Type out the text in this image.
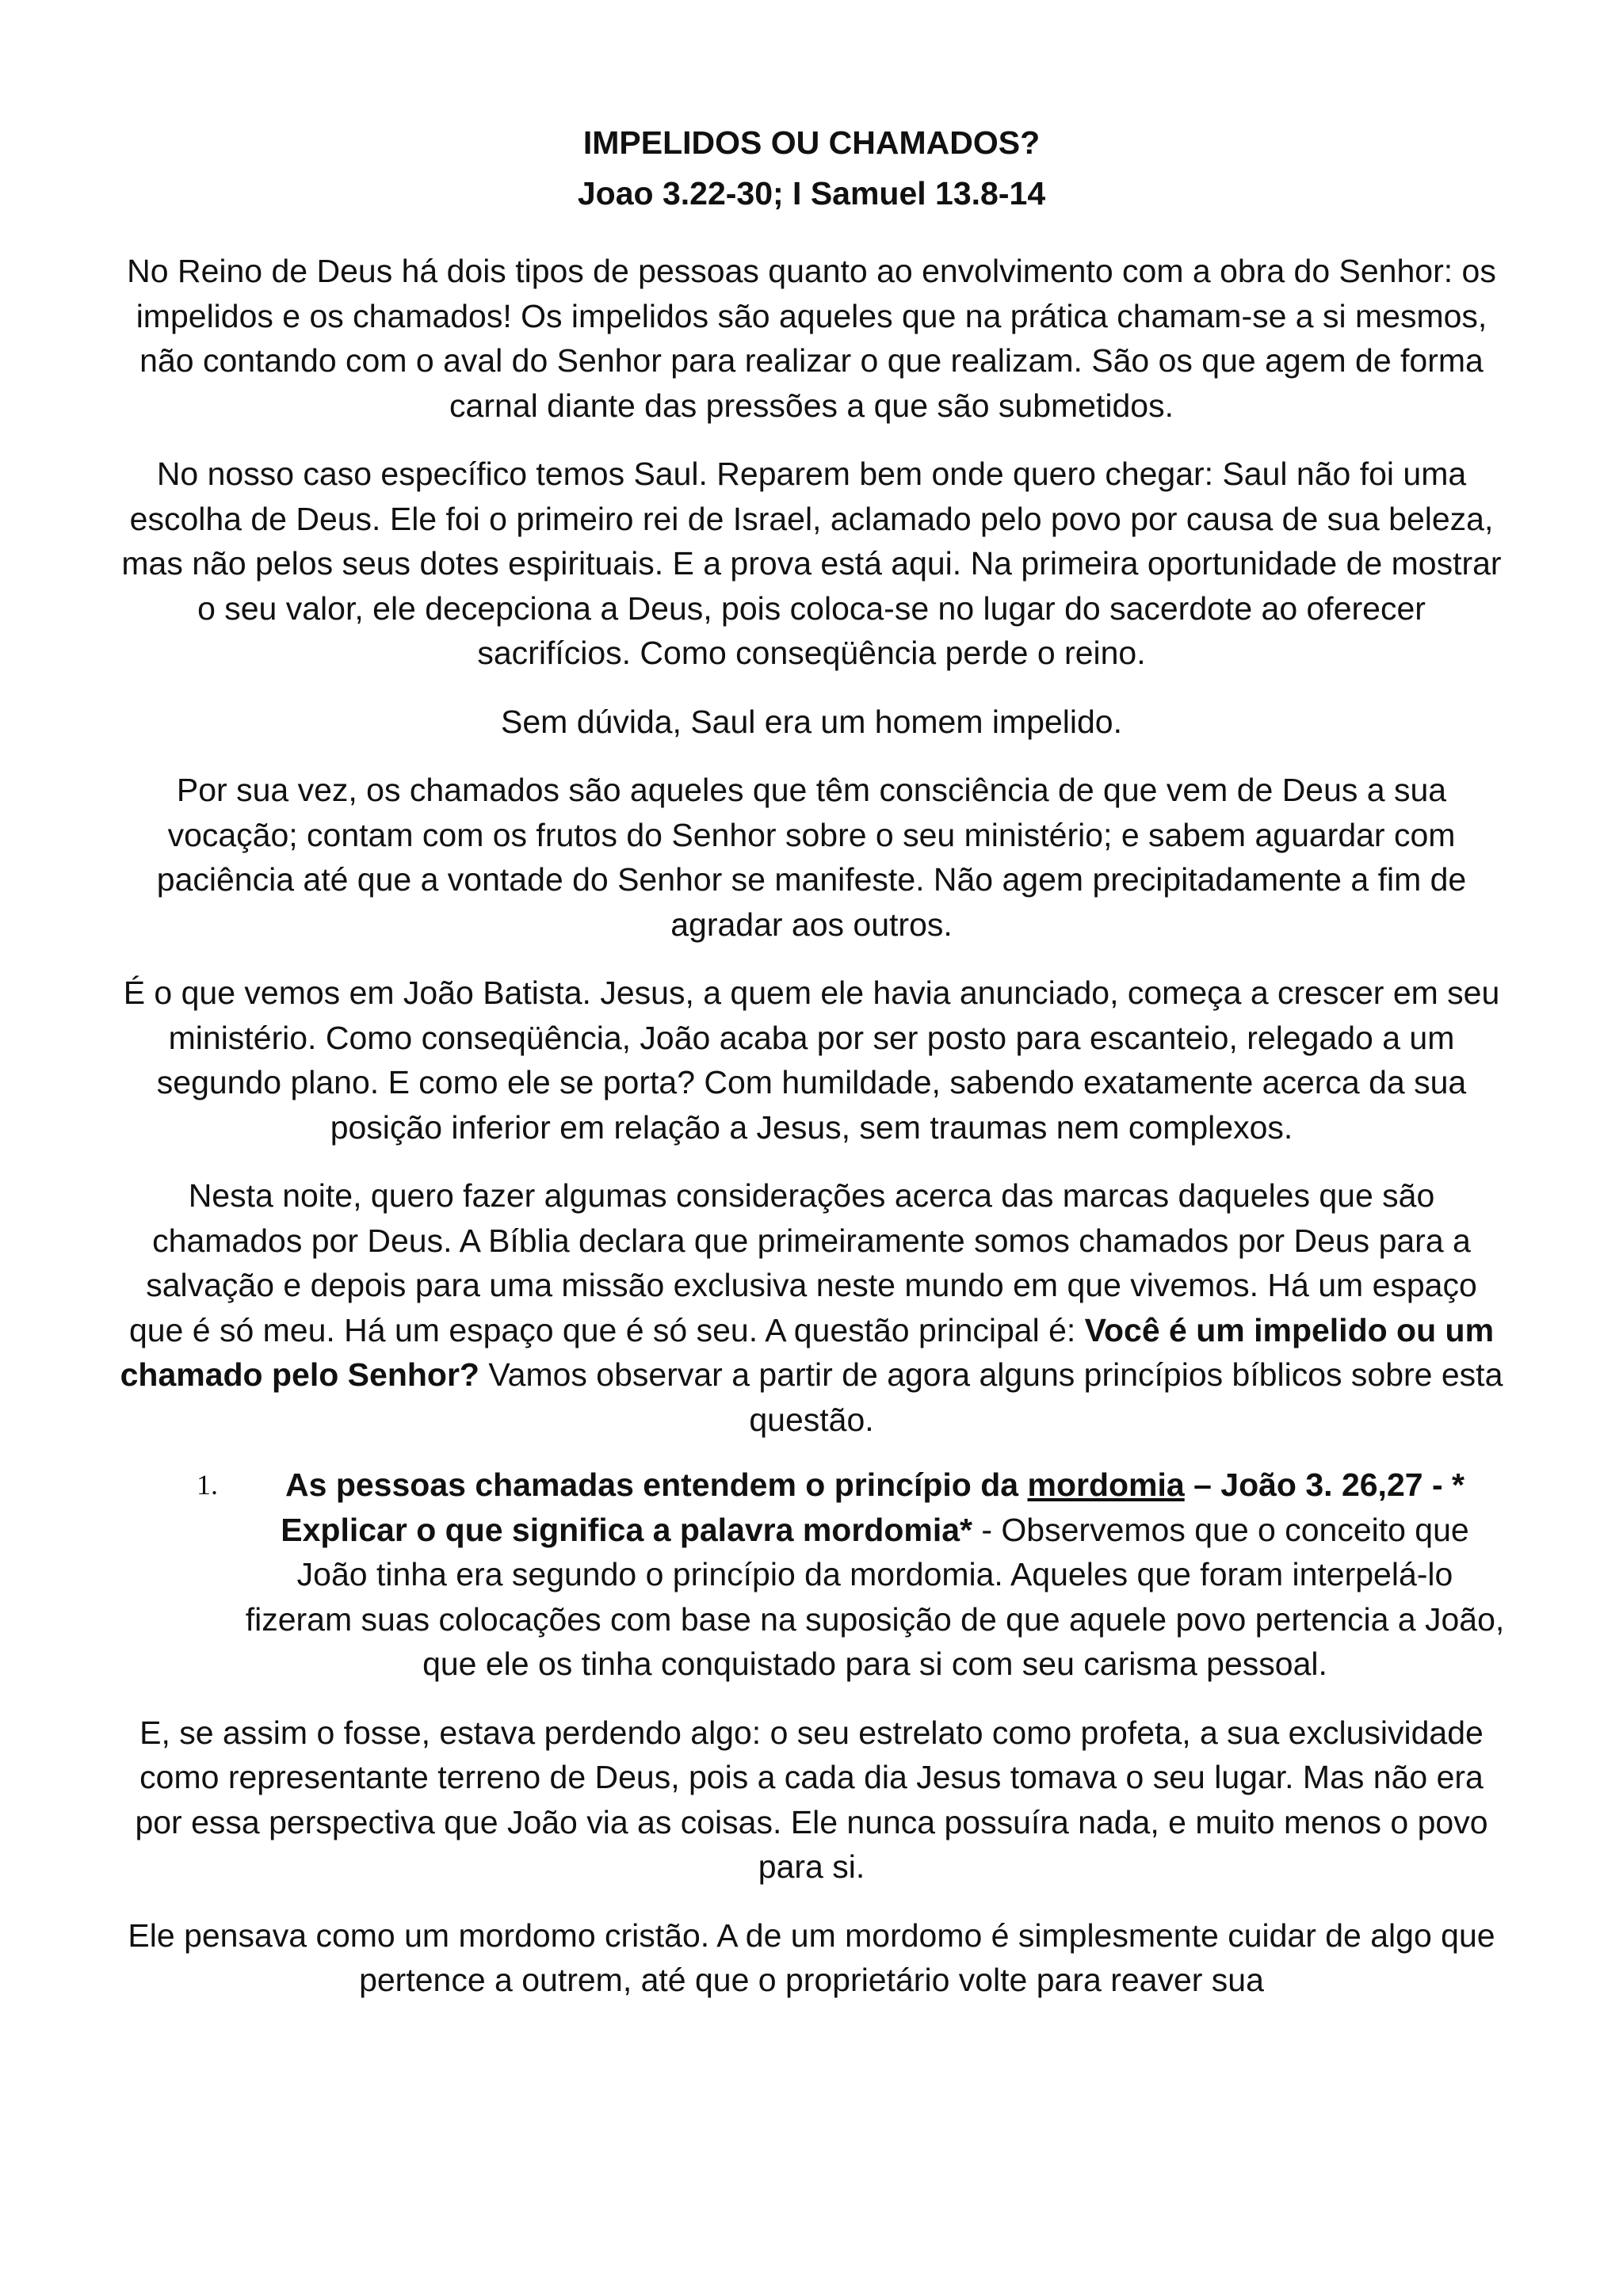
IMPELIDOS OU CHAMADOS?
Joao 3.22-30; I Samuel 13.8-14

No Reino de Deus há dois tipos de pessoas quanto ao envolvimento com a obra do Senhor: os impelidos e os chamados! Os impelidos são aqueles que na prática chamam-se a si mesmos, não contando com o aval do Senhor para realizar o que realizam. São os que agem de forma carnal diante das pressões a que são submetidos.

No nosso caso específico temos Saul. Reparem bem onde quero chegar: Saul não foi uma escolha de Deus. Ele foi o primeiro rei de Israel, aclamado pelo povo por causa de sua beleza, mas não pelos seus dotes espirituais. E a prova está aqui. Na primeira oportunidade de mostrar o seu valor, ele decepciona a Deus, pois coloca-se no lugar do sacerdote ao oferecer sacrifícios. Como conseqüência perde o reino.

Sem dúvida, Saul era um homem impelido.

Por sua vez, os chamados são aqueles que têm consciência de que vem de Deus a sua vocação; contam com os frutos do Senhor sobre o seu ministério; e sabem aguardar com paciência até que a vontade do Senhor se manifeste. Não agem precipitadamente a fim de agradar aos outros.

É o que vemos em João Batista. Jesus, a quem ele havia anunciado, começa a crescer em seu ministério. Como conseqüência, João acaba por ser posto para escanteio, relegado a um segundo plano. E como ele se porta? Com humildade, sabendo exatamente acerca da sua posição inferior em relação a Jesus, sem traumas nem complexos.

Nesta noite, quero fazer algumas considerações acerca das marcas daqueles que são chamados por Deus. A Bíblia declara que primeiramente somos chamados por Deus para a salvação e depois para uma missão exclusiva neste mundo em que vivemos. Há um espaço que é só meu. Há um espaço que é só seu. A questão principal é: Você é um impelido ou um chamado pelo Senhor? Vamos observar a partir de agora alguns princípios bíblicos sobre esta questão.

1.	As pessoas chamadas entendem o princípio da mordomia – João 3. 26,27 - * Explicar o que significa a palavra mordomia* - Observemos que o conceito que João tinha era segundo o princípio da mordomia. Aqueles que foram interpelá-lo fizeram suas colocações com base na suposição de que aquele povo pertencia a João, que ele os tinha conquistado para si com seu carisma pessoal.

E, se assim o fosse, estava perdendo algo: o seu estrelato como profeta, a sua exclusividade como representante terreno de Deus, pois a cada dia Jesus tomava o seu lugar. Mas não era por essa perspectiva que João via as coisas. Ele nunca possuíra nada, e muito menos o povo para si.

Ele pensava como um mordomo cristão. A de um mordomo é simplesmente cuidar de algo que pertence a outrem, até que o proprietário volte para reaver sua
